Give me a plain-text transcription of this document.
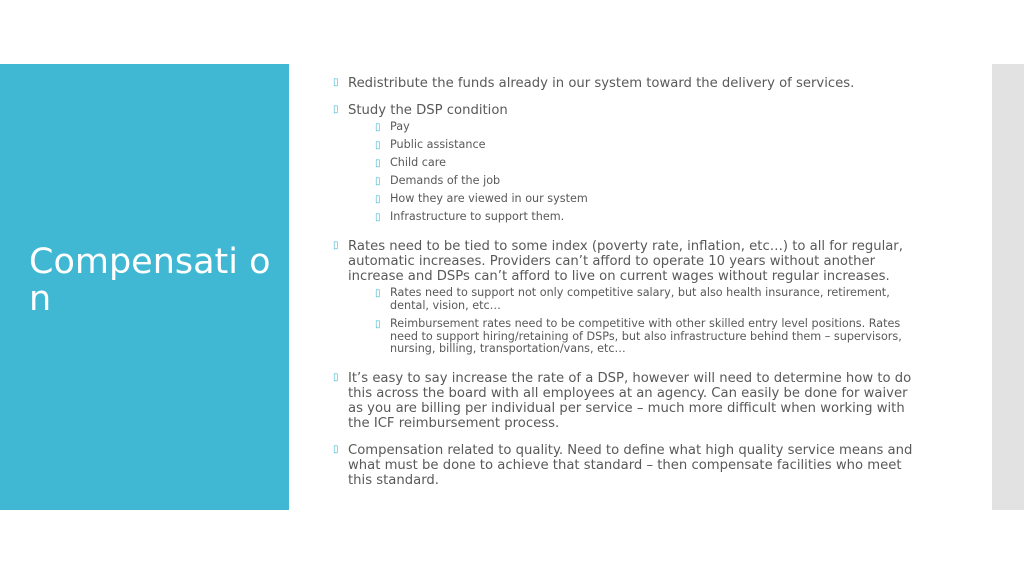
Compensati on
▯ Redistribute the funds already in our system toward the delivery of services.
▯ Study the DSP condition
▯ Pay
▯ Public assistance
▯ Child care
▯ Demands of the job
▯ How they are viewed in our system
▯ Infrastructure to support them.
▯ Rates need to be tied to some index (poverty rate, inflation, etc…) to all for regular, automatic increases. Providers can’t afford to operate 10 years without another increase and DSPs can’t afford to live on current wages without regular increases.
▯ Rates need to support not only competitive salary, but also health insurance, retirement, dental, vision, etc…
▯ Reimbursement rates need to be competitive with other skilled entry level positions. Rates need to support hiring/retaining of DSPs, but also infrastructure behind them – supervisors, nursing, billing, transportation/vans, etc…
▯ It’s easy to say increase the rate of a DSP, however will need to determine how to do this across the board with all employees at an agency. Can easily be done for waiver as you are billing per individual per service – much more difficult when working with the ICF reimbursement process.
▯ Compensation related to quality. Need to define what high quality service means and what must be done to achieve that standard – then compensate facilities who meet this standard.
